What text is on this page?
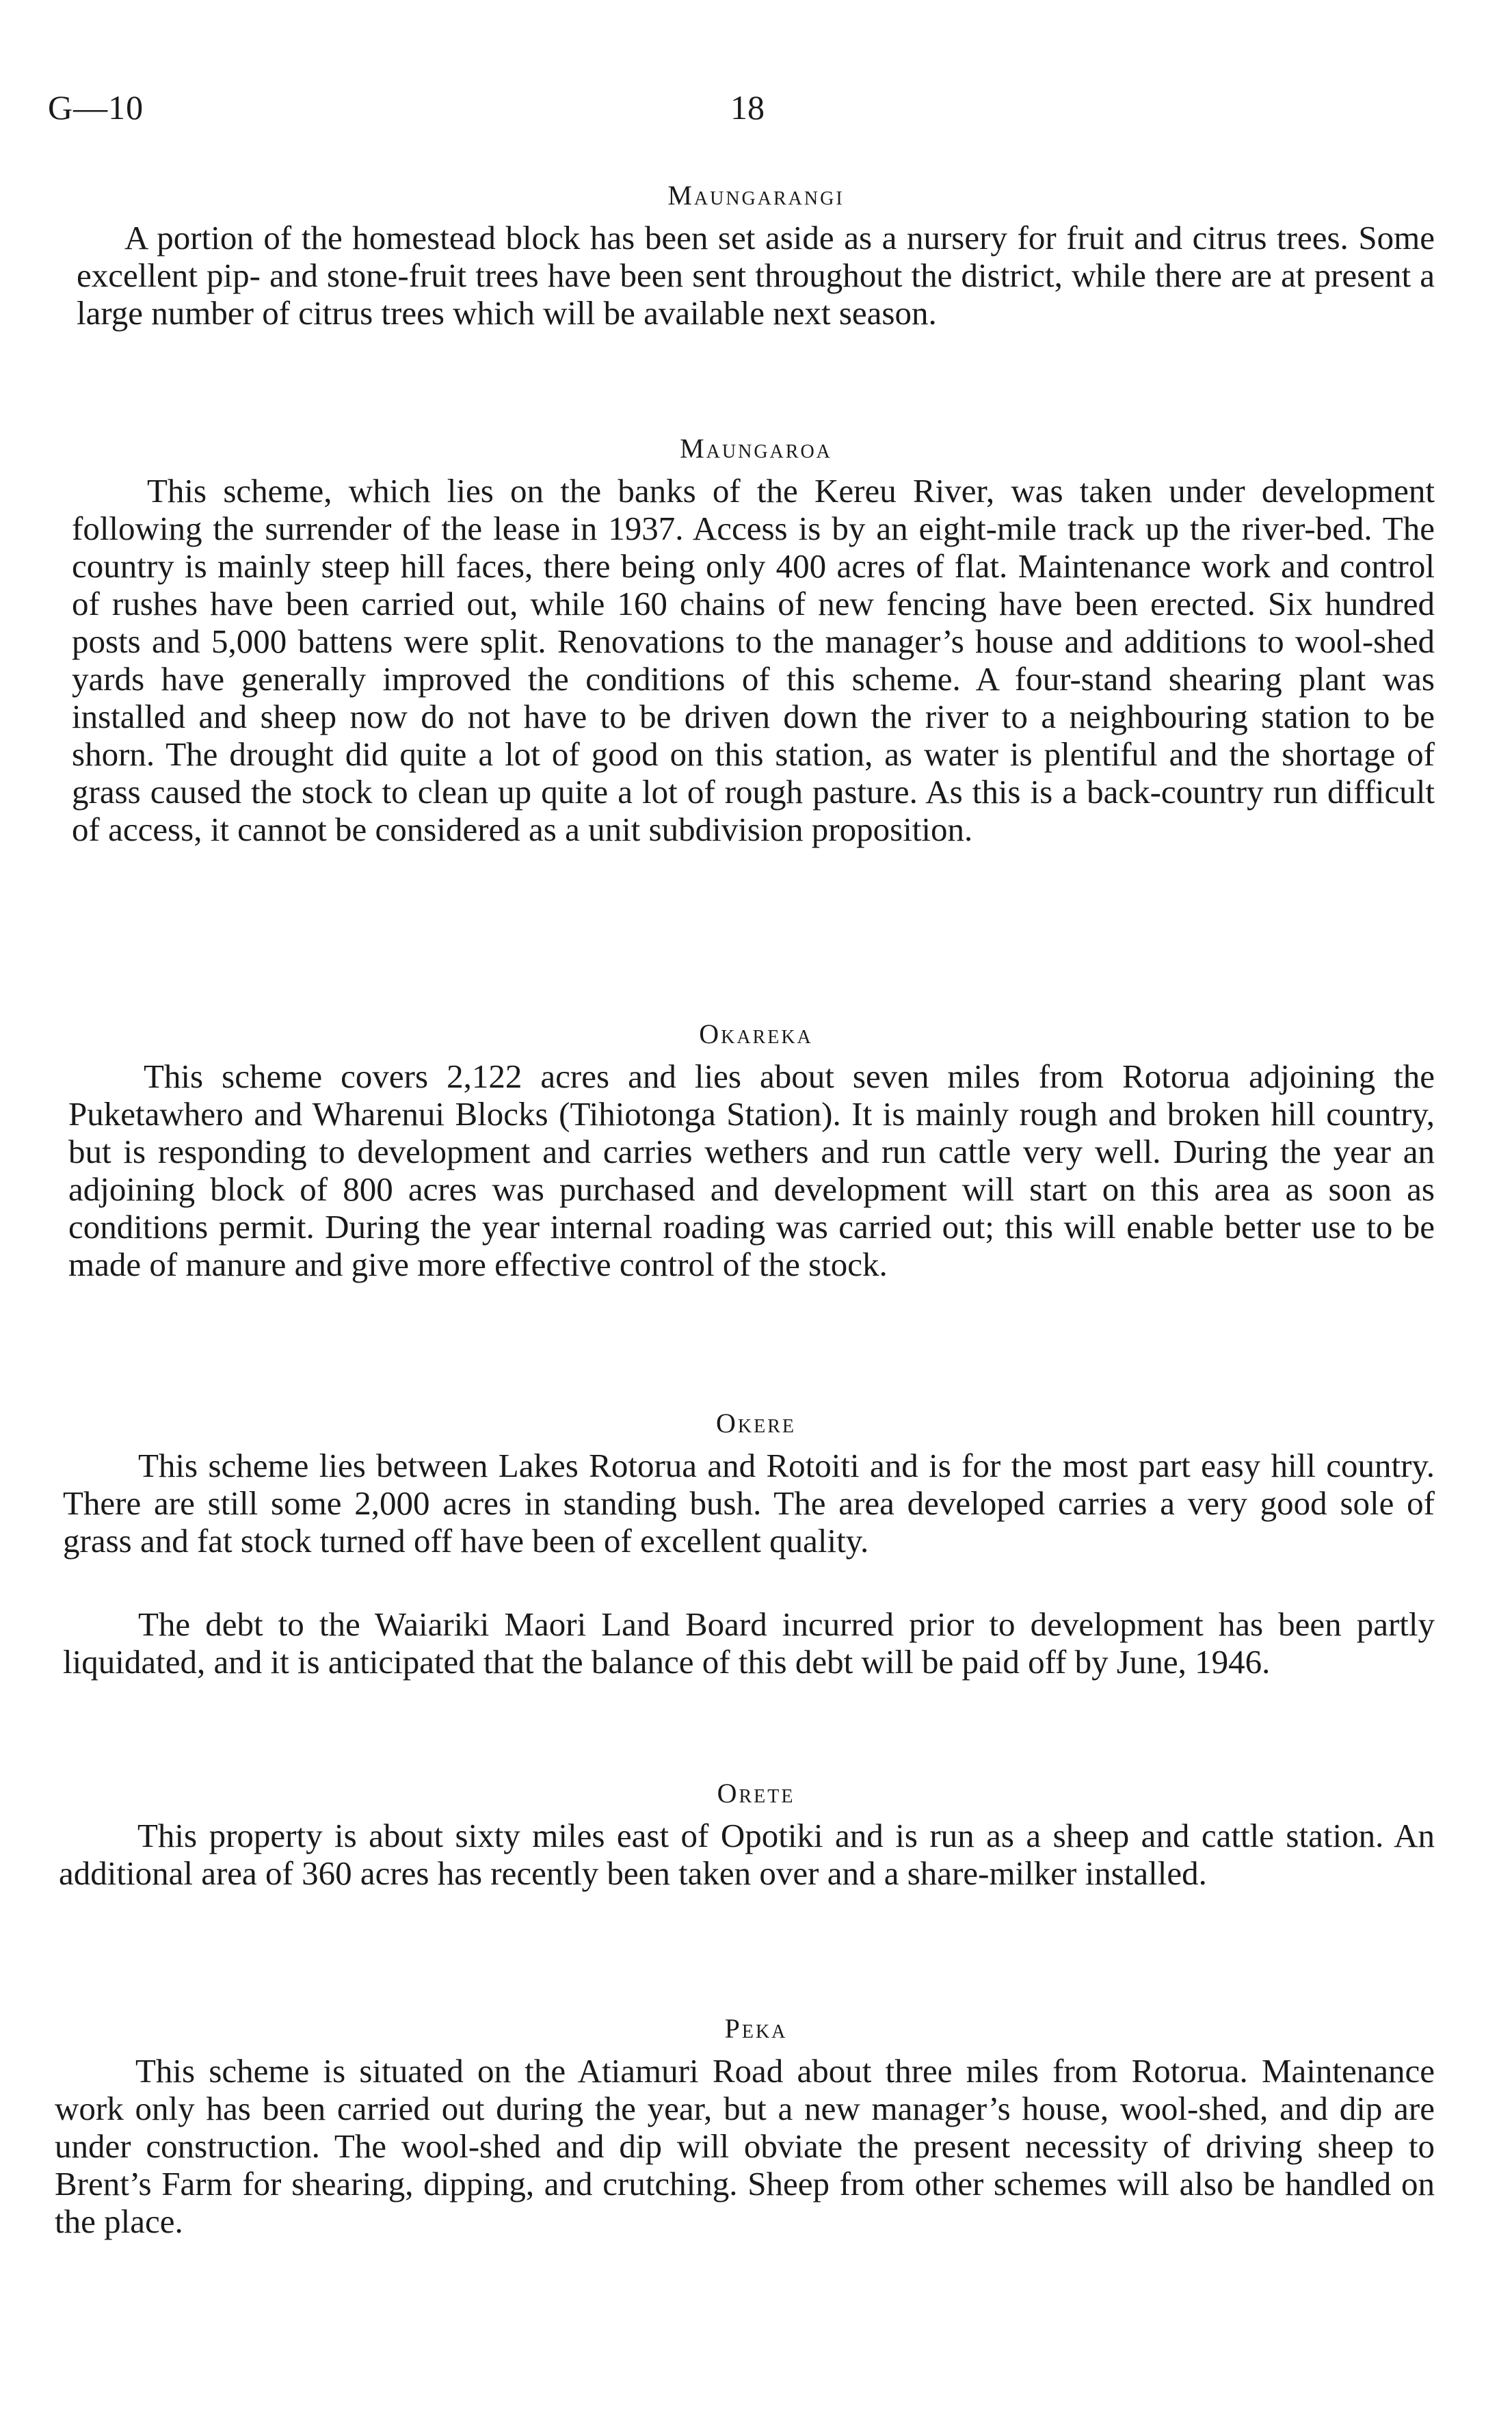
G—10	18
Maungarangi

A portion of the homestead block has been set aside as a nursery for fruit and citrus trees. Some excellent pip- and stone-fruit trees have been sent throughout the district, while there are at present a large number of citrus trees which will be available next season.

Maungaroa

This scheme, which lies on the banks of the Kereu River, was taken under development following the surrender of the lease in 1937. Access is by an eight-mile track up the river-bed. The country is mainly steep hill faces, there being only 400 acres of flat. Maintenance work and control of rushes have been carried out, while 160 chains of new fencing have been erected. Six hundred posts and 5,000 battens were split. Renovations to the manager’s house and additions to wool-shed yards have generally improved the conditions of this scheme. A four-stand shearing plant was installed and sheep now do not have to be driven down the river to a neighbouring station to be shorn. The drought did quite a lot of good on this station, as water is plentiful and the shortage of grass caused the stock to clean up quite a lot of rough pasture. As this is a back-country run difficult of access, it cannot be considered as a unit subdivision proposition.

Okareka

This scheme covers 2,122 acres and lies about seven miles from Rotorua adjoining the Puketawhero and Wharenui Blocks (Tihiotonga Station). It is mainly rough and broken hill country, but is responding to development and carries wethers and run cattle very well. During the year an adjoining block of 800 acres was purchased and development will start on this area as soon as conditions permit. During the year internal roading was carried out; this will enable better use to be made of manure and give more effective control of the stock.

Okere

This scheme lies between Lakes Rotorua and Rotoiti and is for the most part easy hill country. There are still some 2,000 acres in standing bush. The area developed carries a very good sole of grass and fat stock turned off have been of excellent quality.

The debt to the Waiariki Maori Land Board incurred prior to development has been partly liquidated, and it is anticipated that the balance of this debt will be paid off by June, 1946.

Orete

This property is about sixty miles east of Opotiki and is run as a sheep and cattle station. An additional area of 360 acres has recently been taken over and a share-milker installed.

Peka

This scheme is situated on the Atiamuri Road about three miles from Rotorua. Maintenance work only has been carried out during the year, but a new manager’s house, wool-shed, and dip are under construction. The wool-shed and dip will obviate the present necessity of driving sheep to Brent’s Farm for shearing, dipping, and crutching. Sheep from other schemes will also be handled on the place.
